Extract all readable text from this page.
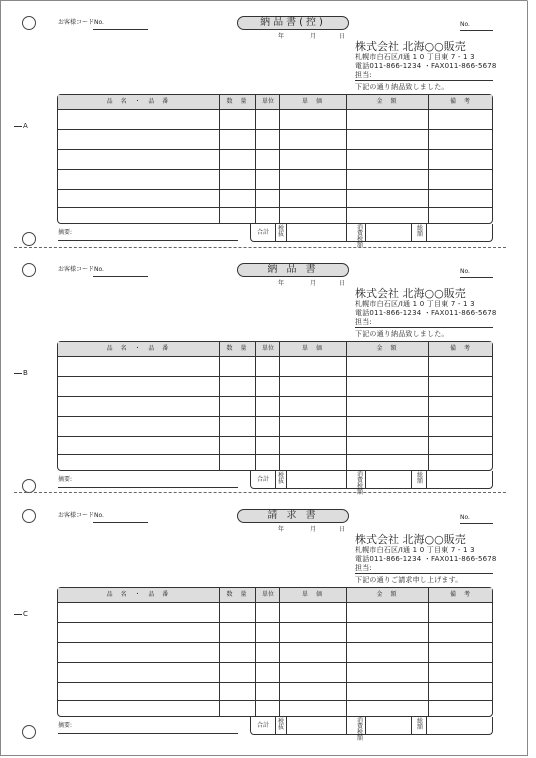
お客様コードNo.	納品書(控)
年	月	日
No.
株式会社 北海○○販売
札幌市白石区/I通 1 0 丁目東 7 - 1 3
電話011-866-1234 ・FAX011-866-5678
担当:
下記の通り納品致しました。
品 名 ・ 品 番	数 量	単位	単 価	金 額	備 考
合計
税抜
消費税額
総額
摘要:
お客様コードNo.	納 品 書
年	月	日
No.
株式会社 北海○○販売
札幌市白石区/I通 1 0 丁目東 7 - 1 3
電話011-866-1234 ・FAX011-866-5678
担当:
下記の通り納品致しました。
品 名 ・ 品 番	数 量	単位	単 価	金 額	備 考
合計
税抜
消費税額
総額
摘要:
お客様コードNo.	請 求 書
年	月	日
No.
株式会社 北海○○販売
札幌市白石区/I通 1 0 丁目東 7 - 1 3
電話011-866-1234 ・FAX011-866-5678
担当:
下記の通りご請求申し上げます。
品 名 ・ 品 番	数 量	単位	単 価	金 額	備 考
合計
税抜
消費税額
総額
摘要:
A
B
C
